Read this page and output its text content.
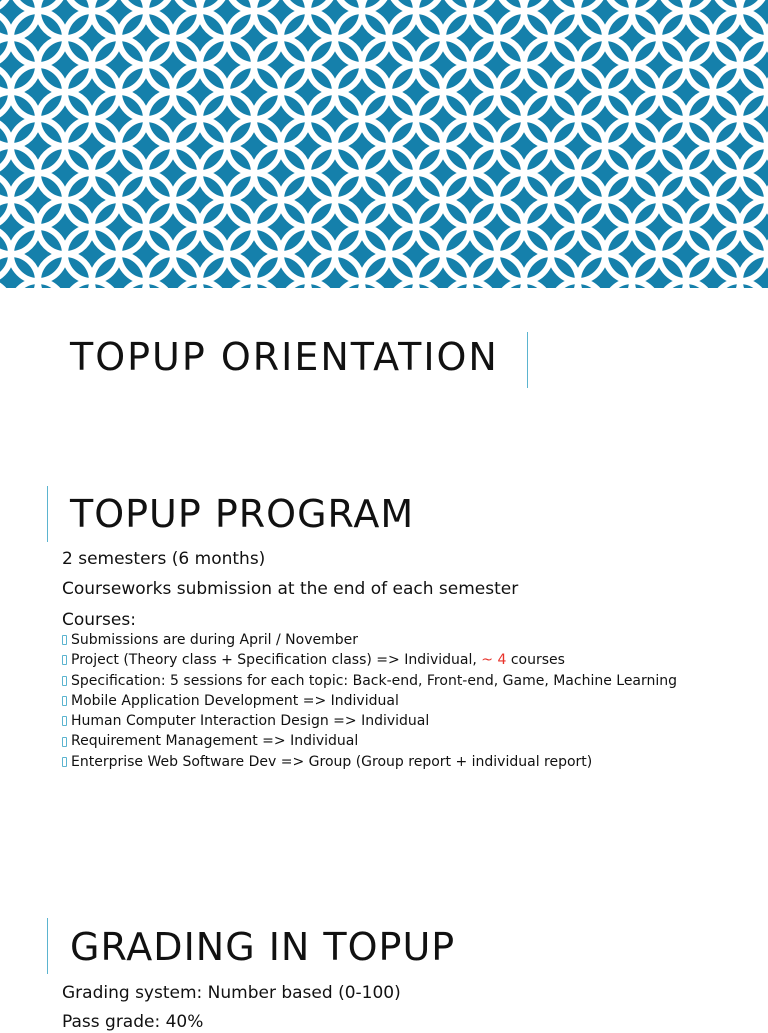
TOPUP ORIENTATION
TOPUP PROGRAM

2 semesters (6 months)

Courseworks submission at the end of each semester

Courses:

Submissions are during April / November
Project (Theory class + Specification class) => Individual, ~ 4 courses
Specification: 5 sessions for each topic: Back-end, Front-end, Game, Machine Learning
Mobile Application Development => Individual
Human Computer Interaction Design => Individual
Requirement Management => Individual
Enterprise Web Software Dev => Group (Group report + individual report)
GRADING IN TOPUP

Grading system: Number based (0-100)

Pass grade: 40%
